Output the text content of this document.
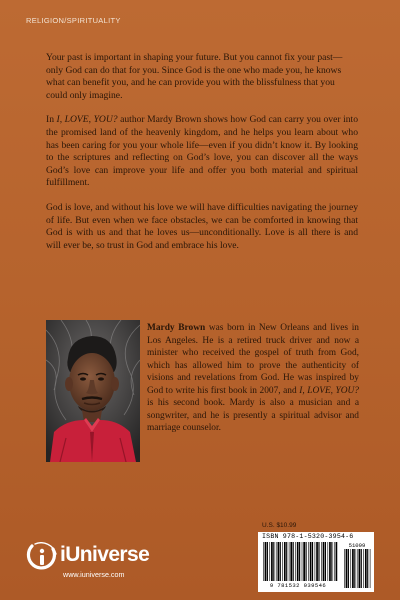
RELIGION/SPIRITUALITY

Your past is important in shaping your future. But you cannot fix your past—only God can do that for you. Since God is the one who made you, he knows what can benefit you, and he can provide you with the blissfulness that you could only imagine.

In I, LOVE, YOU? author Mardy Brown shows how God can carry you over into the promised land of the heavenly kingdom, and he helps you learn about who has been caring for you your whole life—even if you didn’t know it. By looking to the scriptures and reflecting on God’s love, you can discover all the ways God’s love can improve your life and offer you both material and spiritual fulfillment.

God is love, and without his love we will have difficulties navigating the journey of life. But even when we face obstacles, we can be comforted in knowing that God is with us and that he loves us—unconditionally. Love is all there is and will ever be, so trust in God and embrace his love.

Mardy Brown was born in New Orleans and lives in Los Angeles. He is a retired truck driver and now a minister who received the gospel of truth from God, which has allowed him to prove the authenticity of visions and revelations from God. He was inspired by God to write his first book in 2007, and I, LOVE, YOU? is his second book. Mardy is also a musician and a songwriter, and he is presently a spiritual advisor and marriage counselor.
U.S. $10.99
ISBN 978-1-5320-3954-6
9 781532 039546
51099
iUniverse
www.iuniverse.com
